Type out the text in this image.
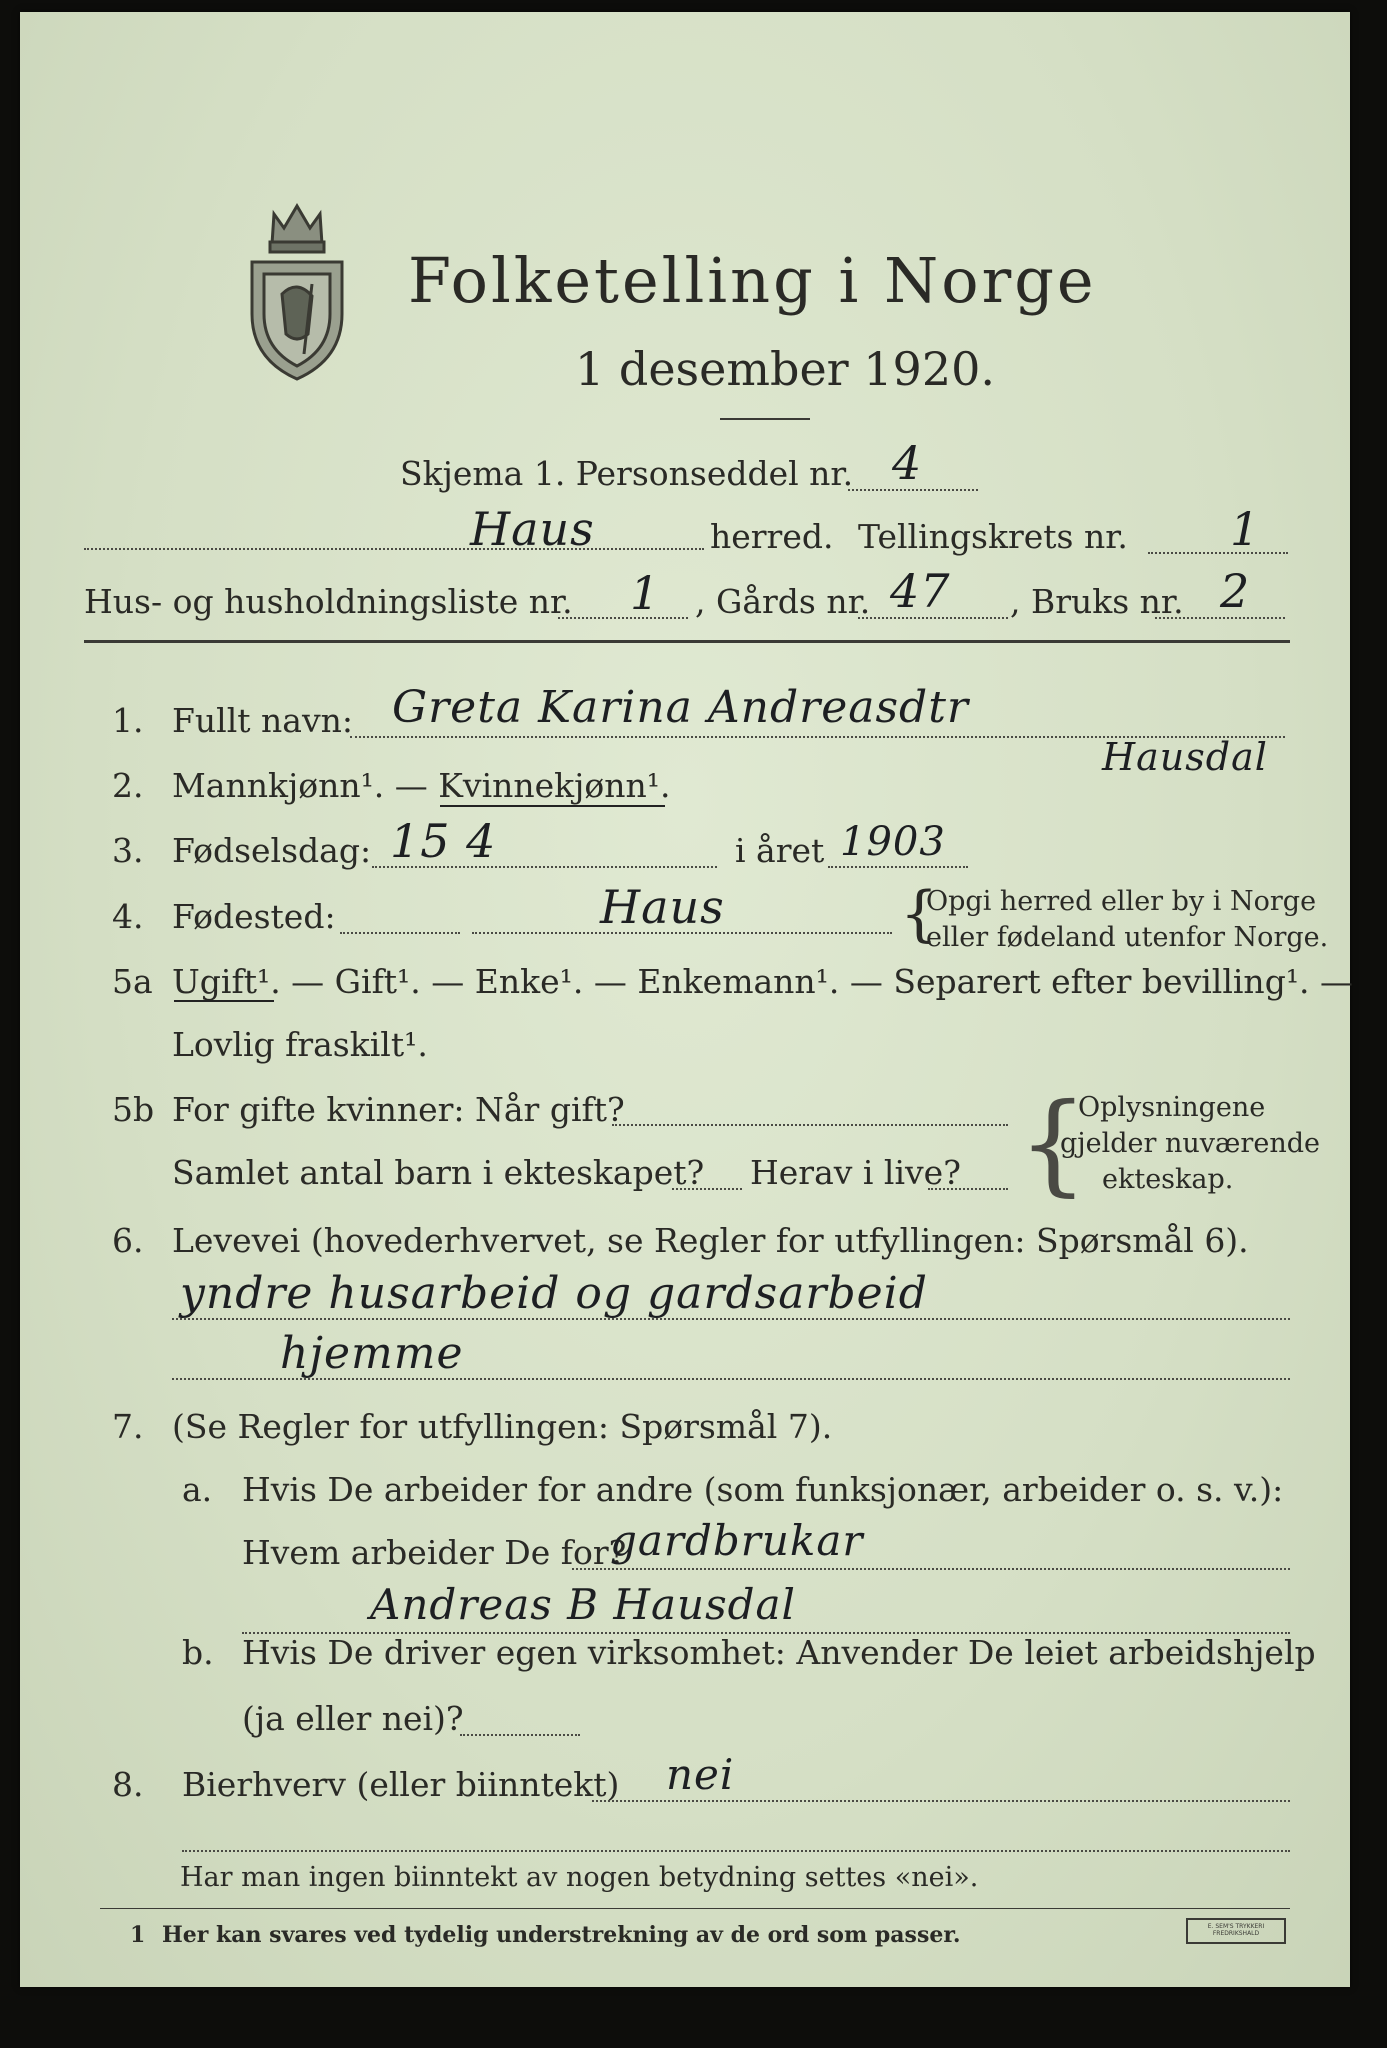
Folketelling i Norge
1 desember 1920.
Skjema 1. Personseddel nr. 4
Haus	herred. Tellingskrets nr. 1
Hus- og husholdningsliste nr. 1 , Gårds nr. 47 , Bruks nr. 2
1. Fullt navn: Greta Karina Andreasdtr
Hausdal
2. Mannkjønn¹. — Kvinnekjønn¹.
3. Fødselsdag: 15 4	i året 1903
4. Fødested:	Haus	{
Opgi herred eller by i Norge
eller fødeland utenfor Norge.
5a Ugift¹. — Gift¹. — Enke¹. — Enkemann¹. — Separert efter bevilling¹. —
Lovlig fraskilt¹.
5b For gifte kvinner: Når gift?
Samlet antal barn i ekteskapet? Herav i live? {
Oplysningene
gjelder nuværende
ekteskap.
6. Levevei (hovederhvervet, se Regler for utfyllingen: Spørsmål 6).
yndre husarbeid og gardsarbeid
hjemme
7. (Se Regler for utfyllingen: Spørsmål 7).
a. Hvis De arbeider for andre (som funksjonær, arbeider o. s. v.):
Hvem arbeider De for?
gardbrukar
Andreas B Hausdal
b. Hvis De driver egen virksomhet: Anvender De leiet arbeidshjelp
(ja eller nei)?
8. Bierhverv (eller biinntekt) nei
Har man ingen biinntekt av nogen betydning settes «nei».
1 Her kan svares ved tydelig understrekning av de ord som passer.	E. SEM'S TRYKKERI FREDRIKSHALD
